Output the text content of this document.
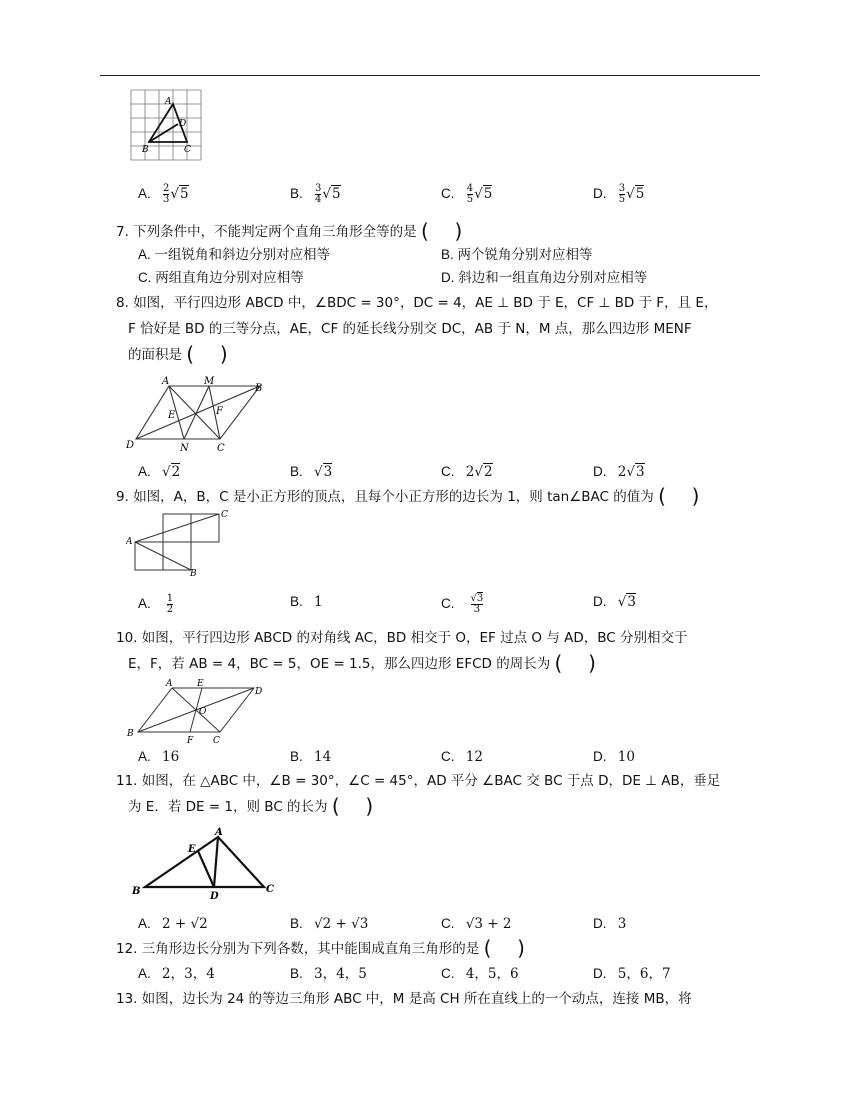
A
D
B	C
A. $\frac{2}{3} √5$	B. $\frac{3}{4} √5$	C. $\frac{4}{5} √5$	D. $\frac{3}{5} √5$
7. 下列条件中，不能判定两个直角三角形全等的是 ( )
A. 一组锐角和斜边分别对应相等	B. 两个锐角分别对应相等
C. 两组直角边分别对应相等	D. 斜边和一组直角边分别对应相等
8. 如图，平行四边形 ABCD 中，∠BDC = 30°，DC = 4，AE ⊥ BD 于 E，CF ⊥ BD 于 F，且 E，
F 恰好是 BD 的三等分点，AE，CF 的延长线分别交 DC，AB 于 N，M 点，那么四边形 MENF
的面积是 ( )
A	M
B
E	F
D	N	C
A. √2	B. √3	C. 2√2	D. 2√3
9. 如图，A，B，C 是小正方形的顶点，且每个小正方形的边长为 1，则 tan∠BAC 的值为 ( )
C
A
B
A. $\frac{1}{2}$	B. 1	C. $\frac{√3}{3}$	D. √3
10. 如图，平行四边形 ABCD 的对角线 AC，BD 相交于 O，EF 过点 O 与 AD，BC 分别相交于
E，F，若 AB = 4，BC = 5，OE = 1.5，那么四边形 EFCD 的周长为 ( )
A	E
D
O
B
F C
A. 16	B. 14	C. 12	D. 10
11. 如图，在 △ABC 中，∠B = 30°，∠C = 45°，AD 平分 ∠BAC 交 BC 于点 D，DE ⊥ AB，垂足
为 E．若 DE = 1，则 BC 的长为 ( )
A
E
B	D
C
A. 2 + √2	B. √2 + √3	C. √3 + 2	D. 3
12. 三角形边长分别为下列各数，其中能围成直角三角形的是 ( )
A. 2，3，4	B. 3，4，5	C. 4，5，6	D. 5，6，7
13. 如图，边长为 24 的等边三角形 ABC 中，M 是高 CH 所在直线上的一个动点，连接 MB，将
